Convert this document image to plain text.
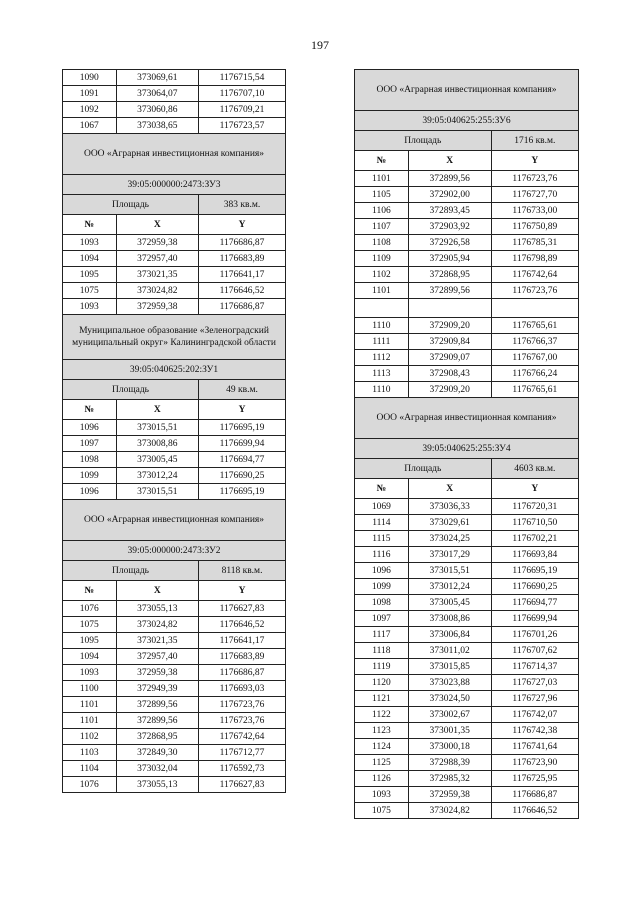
197
1090	373069,61	1176715,54
1091	373064,07	1176707,10
1092	373060,86	1176709,21
1067	373038,65	1176723,57
ООО «Аграрная инвестиционная компания»		
39:05:000000:2473:ЗУ3		
Площадь		383 кв.м.
№	X	Y
1093	372959,38	1176686,87
1094	372957,40	1176683,89
1095	373021,35	1176641,17
1075	373024,82	1176646,52
1093	372959,38	1176686,87
Муниципальное образование «Зеленоградский муниципальный округ» Калининградской области		
39:05:040625:202:ЗУ1		
Площадь		49 кв.м.
№	X	Y
1096	373015,51	1176695,19
1097	373008,86	1176699,94
1098	373005,45	1176694,77
1099	373012,24	1176690,25
1096	373015,51	1176695,19
ООО «Аграрная инвестиционная компания»		
39:05:000000:2473:ЗУ2		
Площадь		8118 кв.м.
№	X	Y
1076	373055,13	1176627,83
1075	373024,82	1176646,52
1095	373021,35	1176641,17
1094	372957,40	1176683,89
1093	372959,38	1176686,87
1100	372949,39	1176693,03
1101	372899,56	1176723,76
1101	372899,56	1176723,76
1102	372868,95	1176742,64
1103	372849,30	1176712,77
1104	373032,04	1176592,73
1076	373055,13	1176627,83
ООО «Аграрная инвестиционная компания»		
39:05:040625:255:ЗУ6		
Площадь		1716 кв.м.
№	X	Y
1101	372899,56	1176723,76
1105	372902,00	1176727,70
1106	372893,45	1176733,00
1107	372903,92	1176750,89
1108	372926,58	1176785,31
1109	372905,94	1176798,89
1102	372868,95	1176742,64
1101	372899,56	1176723,76

1110	372909,20	1176765,61
1111	372909,84	1176766,37
1112	372909,07	1176767,00
1113	372908,43	1176766,24
1110	372909,20	1176765,61
ООО «Аграрная инвестиционная компания»		
39:05:040625:255:ЗУ4		
Площадь		4603 кв.м.
№	X	Y
1069	373036,33	1176720,31
1114	373029,61	1176710,50
1115	373024,25	1176702,21
1116	373017,29	1176693,84
1096	373015,51	1176695,19
1099	373012,24	1176690,25
1098	373005,45	1176694,77
1097	373008,86	1176699,94
1117	373006,84	1176701,26
1118	373011,02	1176707,62
1119	373015,85	1176714,37
1120	373023,88	1176727,03
1121	373024,50	1176727,96
1122	373002,67	1176742,07
1123	373001,35	1176742,38
1124	373000,18	1176741,64
1125	372988,39	1176723,90
1126	372985,32	1176725,95
1093	372959,38	1176686,87
1075	373024,82	1176646,52
